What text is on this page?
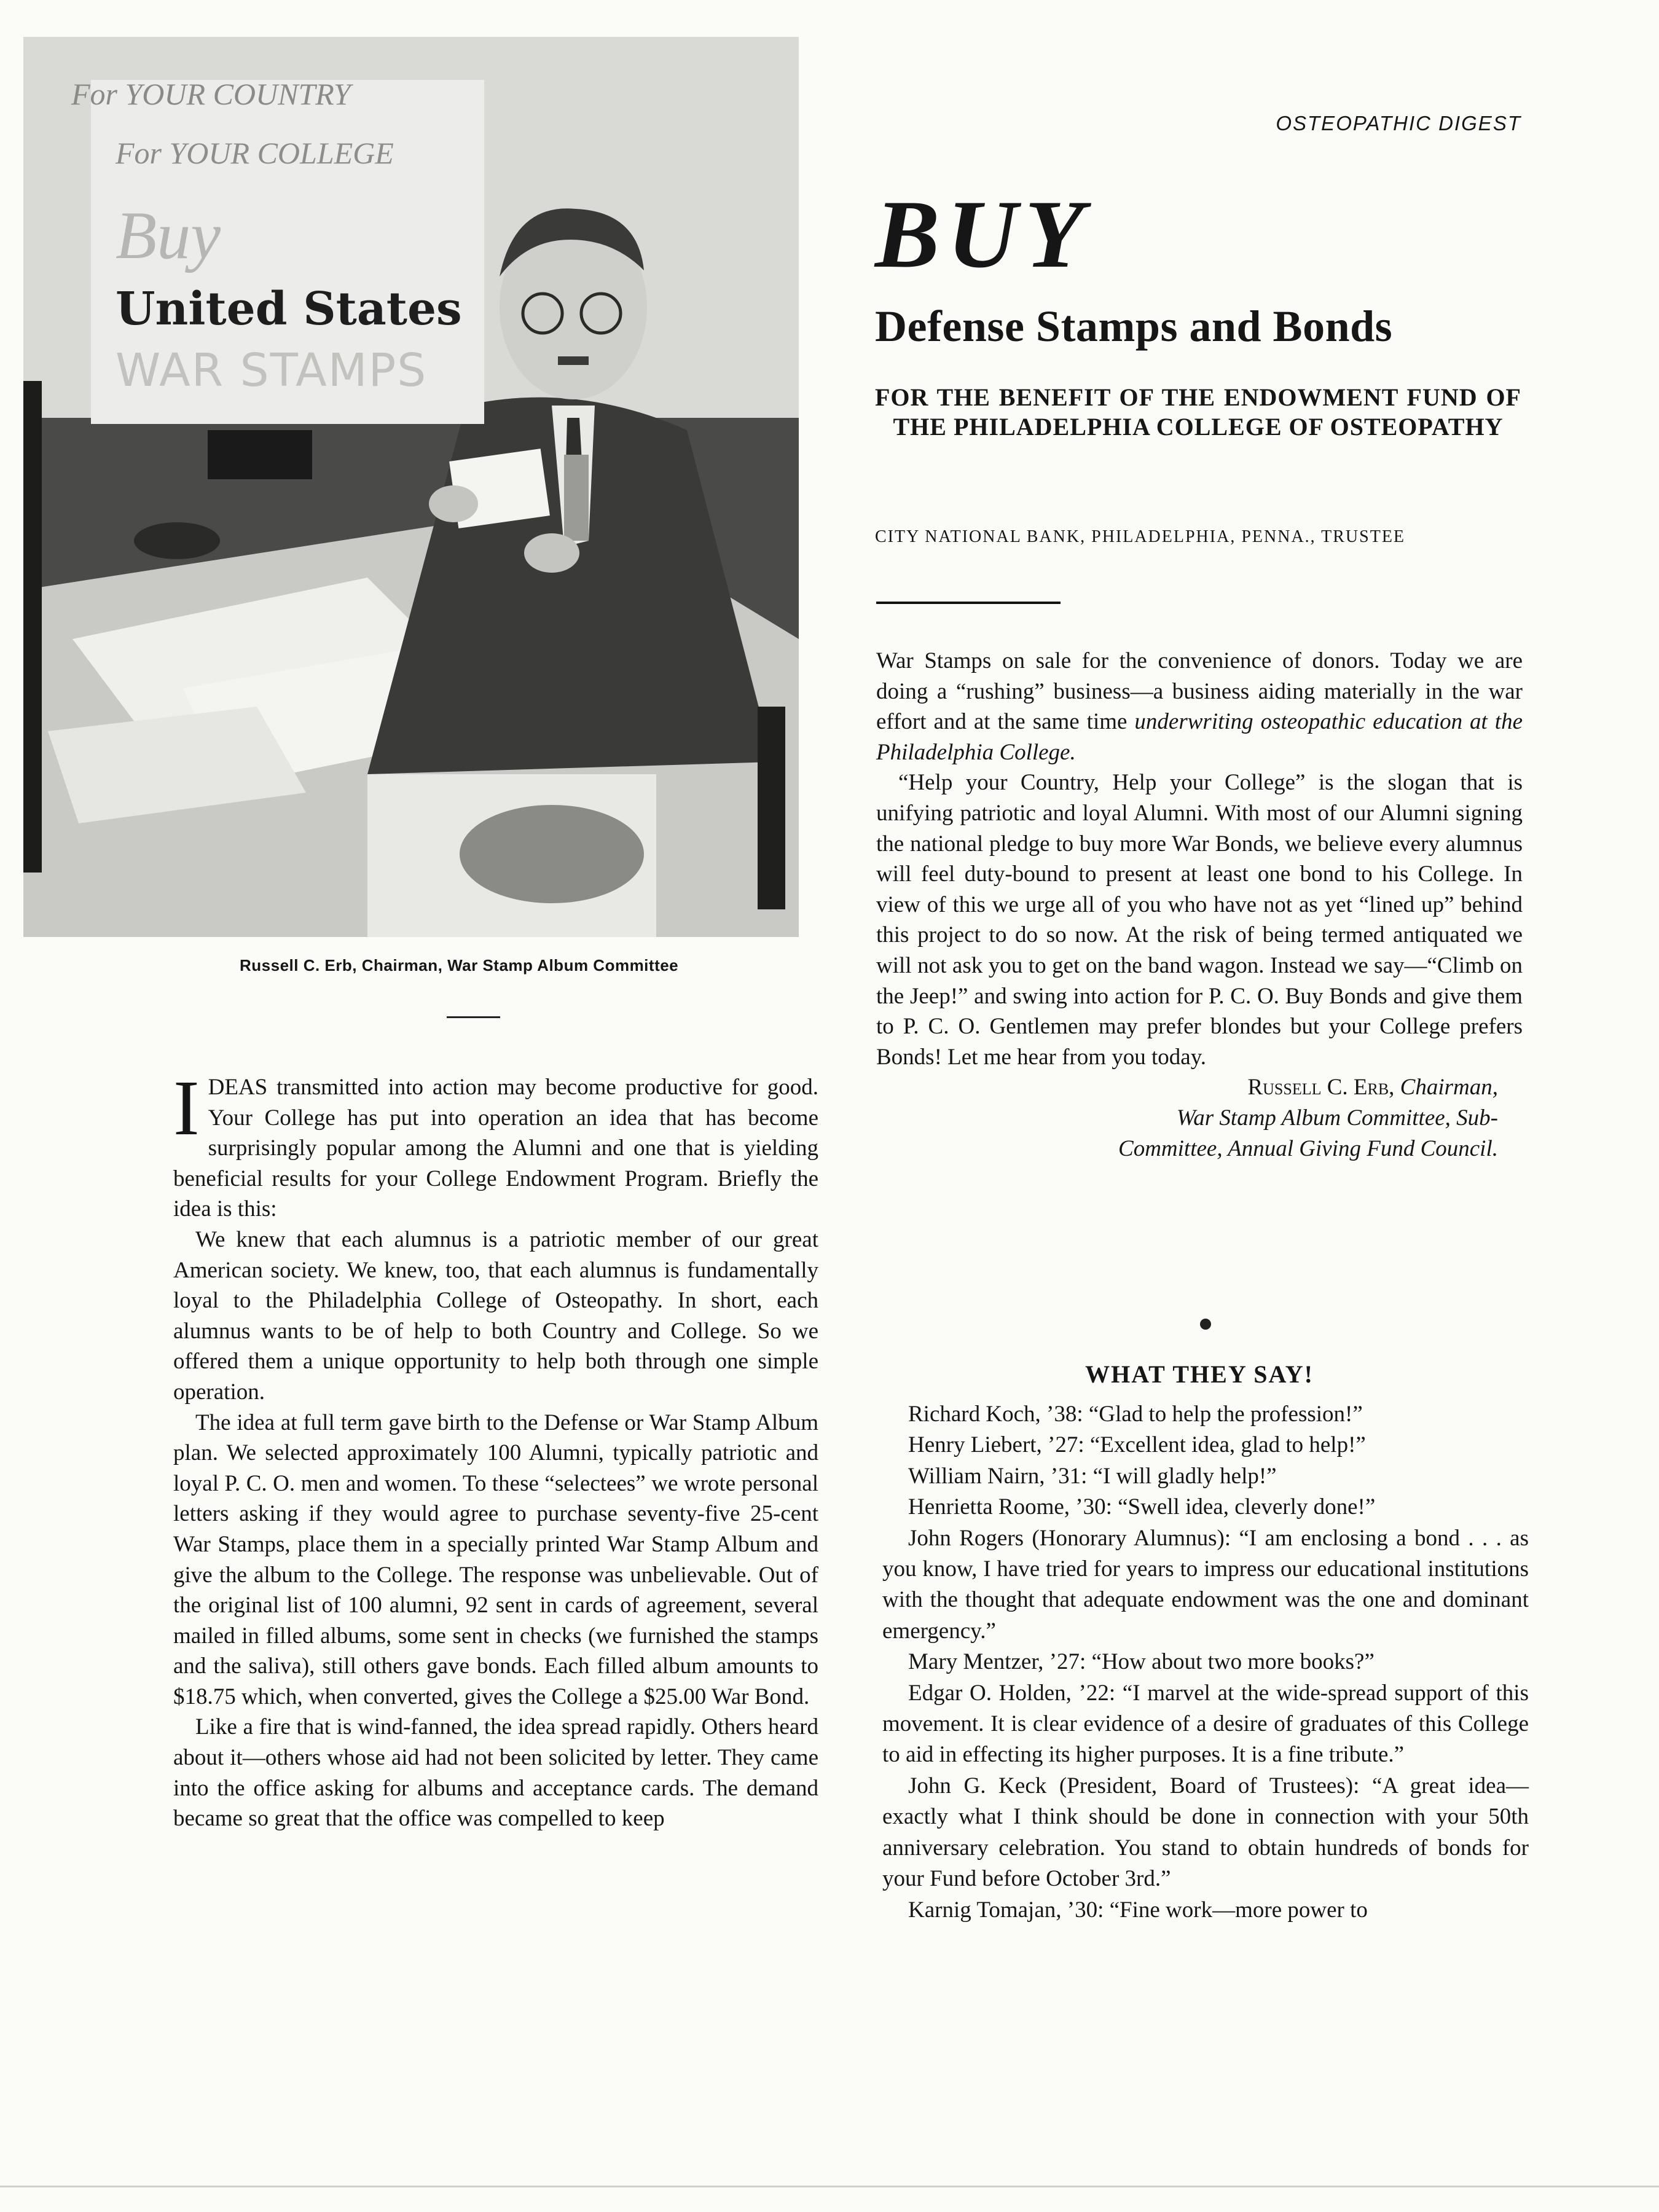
For YOUR COLLEGE
Buy
United States
WAR STAMPS
For YOUR COUNTRY
Russell C. Erb, Chairman, War Stamp Album Committee

IDEAS transmitted into action may become productive for good. Your College has put into operation an idea that has become surprisingly popular among the Alumni and one that is yielding beneficial results for your College Endowment Program. Briefly the idea is this:

We knew that each alumnus is a patriotic member of our great American society. We knew, too, that each alumnus is fundamentally loyal to the Philadelphia College of Osteopathy. In short, each alumnus wants to be of help to both Country and College. So we offered them a unique opportunity to help both through one simple operation.

The idea at full term gave birth to the Defense or War Stamp Album plan. We selected approximately 100 Alumni, typically patriotic and loyal P. C. O. men and women. To these “selectees” we wrote personal letters asking if they would agree to purchase seventy-five 25-cent War Stamps, place them in a specially printed War Stamp Album and give the album to the College. The response was unbelievable. Out of the original list of 100 alumni, 92 sent in cards of agreement, several mailed in filled albums, some sent in checks (we furnished the stamps and the saliva), still others gave bonds. Each filled album amounts to $18.75 which, when converted, gives the College a $25.00 War Bond.

Like a fire that is wind-fanned, the idea spread rapidly. Others heard about it—others whose aid had not been solicited by letter. They came into the office asking for albums and acceptance cards. The demand became so great that the office was compelled to keep

OSTEOPATHIC DIGEST
BUY
Defense Stamps and Bonds
FOR THE BENEFIT OF THE ENDOWMENT FUND OF THE PHILADELPHIA COLLEGE OF OSTEOPATHY
CITY NATIONAL BANK, PHILADELPHIA, PENNA., TRUSTEE

War Stamps on sale for the convenience of donors. Today we are doing a “rushing” business—a business aiding materially in the war effort and at the same time underwriting osteopathic education at the Philadelphia College.

“Help your Country, Help your College” is the slogan that is unifying patriotic and loyal Alumni. With most of our Alumni signing the national pledge to buy more War Bonds, we believe every alumnus will feel duty-bound to present at least one bond to his College. In view of this we urge all of you who have not as yet “lined up” behind this project to do so now. At the risk of being termed antiquated we will not ask you to get on the band wagon. Instead we say—“Climb on the Jeep!” and swing into action for P. C. O. Buy Bonds and give them to P. C. O. Gentlemen may prefer blondes but your College prefers Bonds! Let me hear from you today.

Russell C. Erb, Chairman,
War Stamp Album Committee, Sub-
Committee, Annual Giving Fund Council.
WHAT THEY SAY!

Richard Koch, ’38: “Glad to help the profession!”

Henry Liebert, ’27: “Excellent idea, glad to help!”

William Nairn, ’31: “I will gladly help!”

Henrietta Roome, ’30: “Swell idea, cleverly done!”

John Rogers (Honorary Alumnus): “I am enclosing a bond . . . as you know, I have tried for years to impress our educational institutions with the thought that adequate endowment was the one and dominant emergency.”

Mary Mentzer, ’27: “How about two more books?”

Edgar O. Holden, ’22: “I marvel at the wide-spread support of this movement. It is clear evidence of a desire of graduates of this College to aid in effecting its higher purposes. It is a fine tribute.”

John G. Keck (President, Board of Trustees): “A great idea—exactly what I think should be done in connection with your 50th anniversary celebration. You stand to obtain hundreds of bonds for your Fund before October 3rd.”

Karnig Tomajan, ’30: “Fine work—more power to
